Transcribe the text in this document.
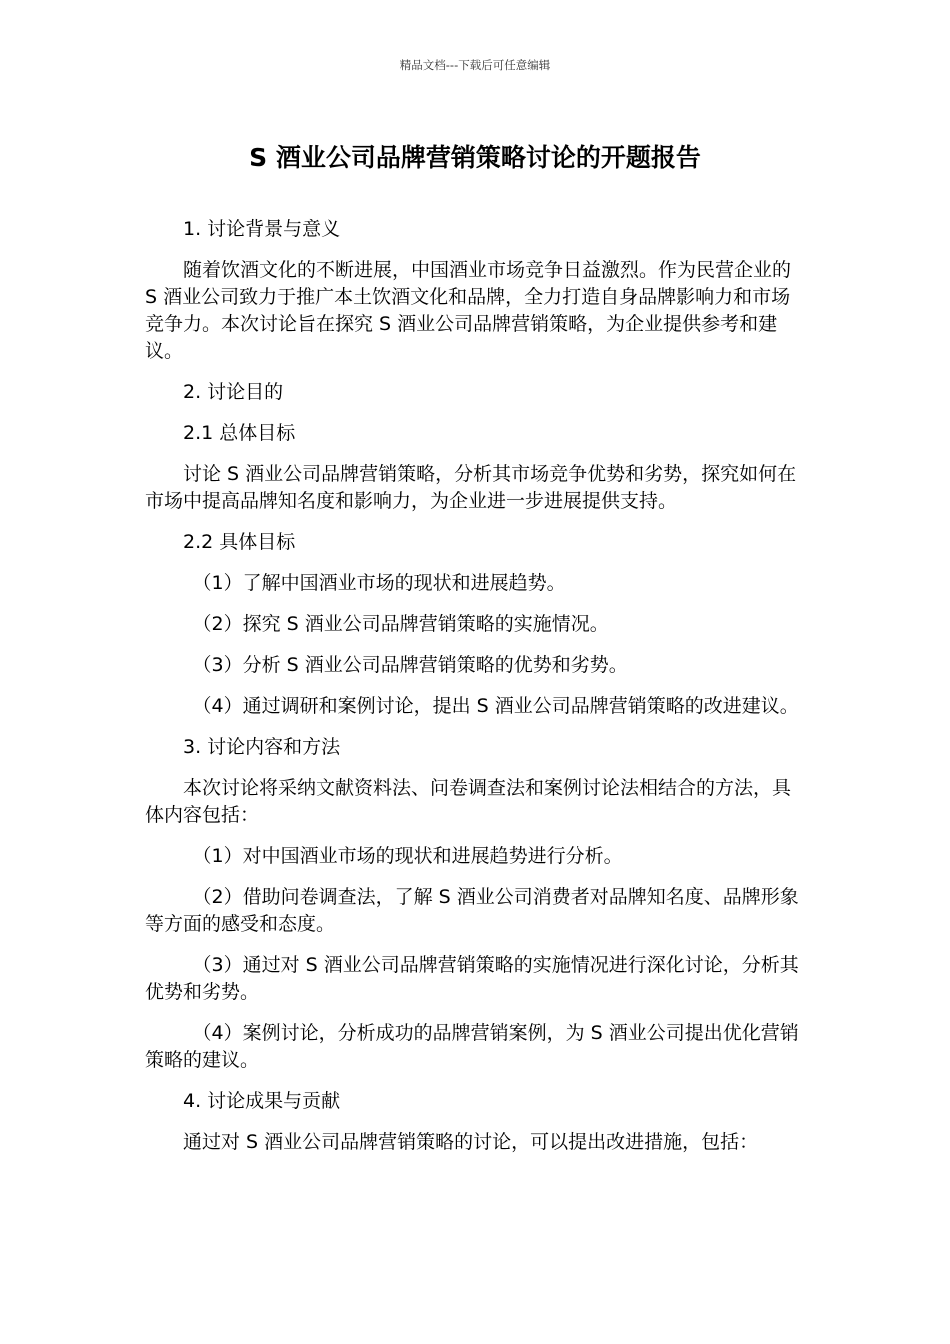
精品文档---下载后可任意编辑
S 酒业公司品牌营销策略讨论的开题报告

1. 讨论背景与意义

随着饮酒文化的不断进展，中国酒业市场竞争日益激烈。作为民营企业的 S 酒业公司致力于推广本土饮酒文化和品牌，全力打造自身品牌影响力和市场竞争力。本次讨论旨在探究 S 酒业公司品牌营销策略，为企业提供参考和建议。

2. 讨论目的

2.1 总体目标

讨论 S 酒业公司品牌营销策略，分析其市场竞争优势和劣势，探究如何在市场中提高品牌知名度和影响力，为企业进一步进展提供支持。

2.2 具体目标

（1）了解中国酒业市场的现状和进展趋势。

（2）探究 S 酒业公司品牌营销策略的实施情况。

（3）分析 S 酒业公司品牌营销策略的优势和劣势。

（4）通过调研和案例讨论，提出 S 酒业公司品牌营销策略的改进建议。

3. 讨论内容和方法

本次讨论将采纳文献资料法、问卷调查法和案例讨论法相结合的方法，具体内容包括：

（1）对中国酒业市场的现状和进展趋势进行分析。

（2）借助问卷调查法，了解 S 酒业公司消费者对品牌知名度、品牌形象等方面的感受和态度。

（3）通过对 S 酒业公司品牌营销策略的实施情况进行深化讨论，分析其优势和劣势。

（4）案例讨论，分析成功的品牌营销案例，为 S 酒业公司提出优化营销策略的建议。

4. 讨论成果与贡献

通过对 S 酒业公司品牌营销策略的讨论，可以提出改进措施，包括：
